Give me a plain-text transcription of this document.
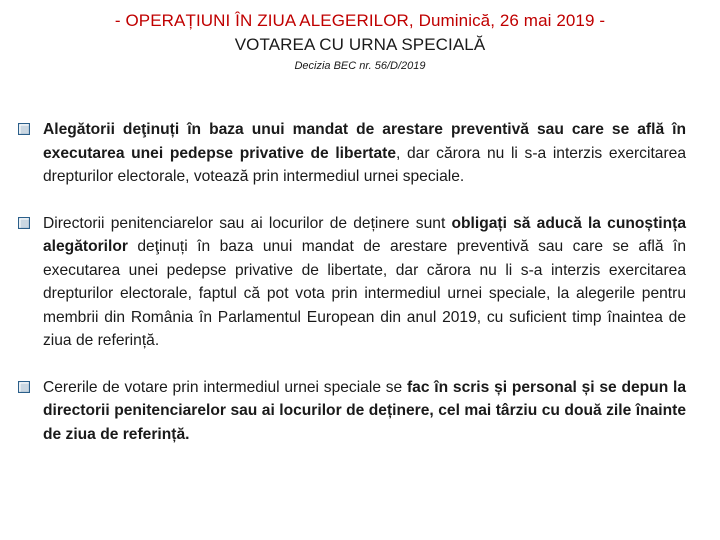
- OPERAȚIUNI ÎN ZIUA ALEGERILOR, Duminică, 26 mai 2019 -
VOTAREA CU URNA SPECIALĂ
Decizia BEC nr. 56/D/2019
Alegătorii deţinuți în baza unui mandat de arestare preventivă sau care se află în executarea unei pedepse privative de libertate, dar cărora nu li s-a interzis exercitarea drepturilor electorale, votează prin intermediul urnei speciale.
Directorii penitenciarelor sau ai locurilor de deținere sunt obligați să aducă la cunoștința alegătorilor deţinuți în baza unui mandat de arestare preventivă sau care se află în executarea unei pedepse privative de libertate, dar cărora nu li s-a interzis exercitarea drepturilor electorale, faptul că pot vota prin intermediul urnei speciale, la alegerile pentru membrii din România în Parlamentul European din anul 2019, cu suficient timp înaintea de ziua de referință.
Cererile de votare prin intermediul urnei speciale se fac în scris și personal și se depun la directorii penitenciarelor sau ai locurilor de deținere, cel mai târziu cu două zile înainte de ziua de referință.
